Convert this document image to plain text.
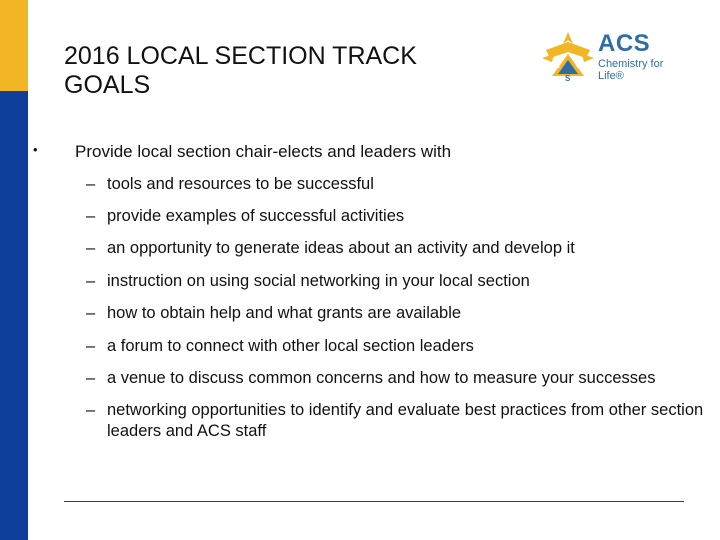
2016 LOCAL SECTION TRACK GOALS
A C
S
ACS
Chemistry for Life®
• Provide local section chair-elects and leaders with
– tools and resources to be successful
– provide examples of successful activities
– an opportunity to generate ideas about an activity and develop it
– instruction on using social networking in your local section
– how to obtain help and what grants are available
– a forum to connect with other local section leaders
– a venue to discuss common concerns and how to measure your successes
– networking opportunities to identify and evaluate best practices from other section leaders and ACS staff
